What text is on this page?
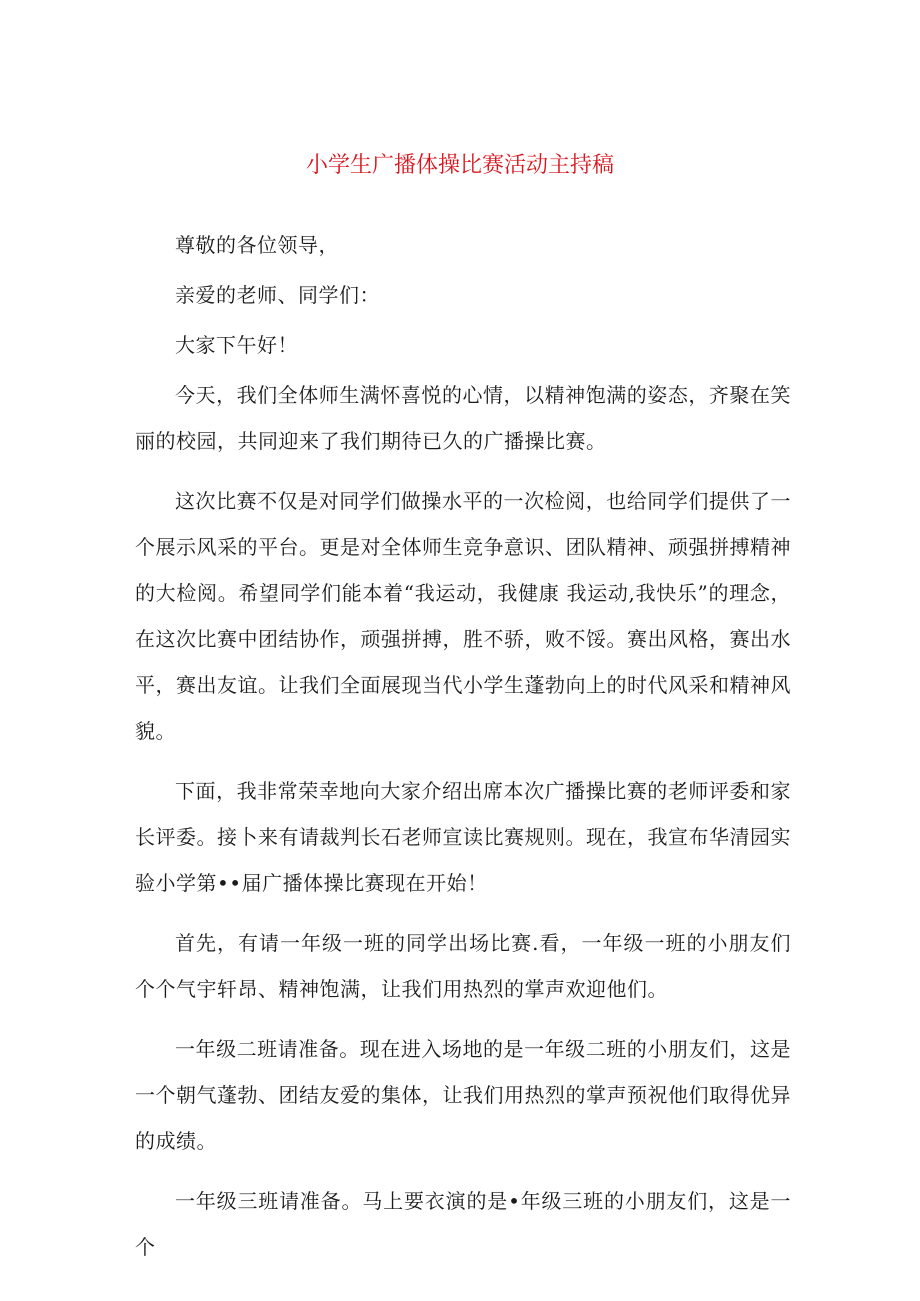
小学生广播体操比赛活动主持稿

尊敬的各位领导，

亲爱的老师、同学们：

大家下午好！

今天，我们全体师生满怀喜悦的心情，以精神饱满的姿态，齐聚在笑丽的校园，共同迎来了我们期待已久的广播操比赛。

这次比赛不仅是对同学们做操水平的一次检阅，也给同学们提供了一个展示风采的平台。更是对全体师生竞争意识、团队精神、顽强拼搏精神的大检阅。希望同学们能本着“我运动，我健康 我运动,我快乐”的理念，在这次比赛中团结协作，顽强拼搏，胜不骄，败不馁。赛出风格，赛出水平，赛出友谊。让我们全面展现当代小学生蓬勃向上的时代风采和精神风貌。

下面，我非常荣幸地向大家介绍出席本次广播操比赛的老师评委和家长评委。接卜来有请裁判长石老师宣读比赛规则。现在，我宣布华清园实验小学第••届广播体操比赛现在开始！

首先，有请一年级一班的同学出场比赛.看，一年级一班的小朋友们个个气宇轩昂、精神饱满，让我们用热烈的掌声欢迎他们。

一年级二班请准备。现在进入场地的是一年级二班的小朋友们，这是一个朝气蓬勃、团结友爱的集体，让我们用热烈的掌声预祝他们取得优异的成绩。

一年级三班请准备。马上要衣演的是•年级三班的小朋友们，这是一个
